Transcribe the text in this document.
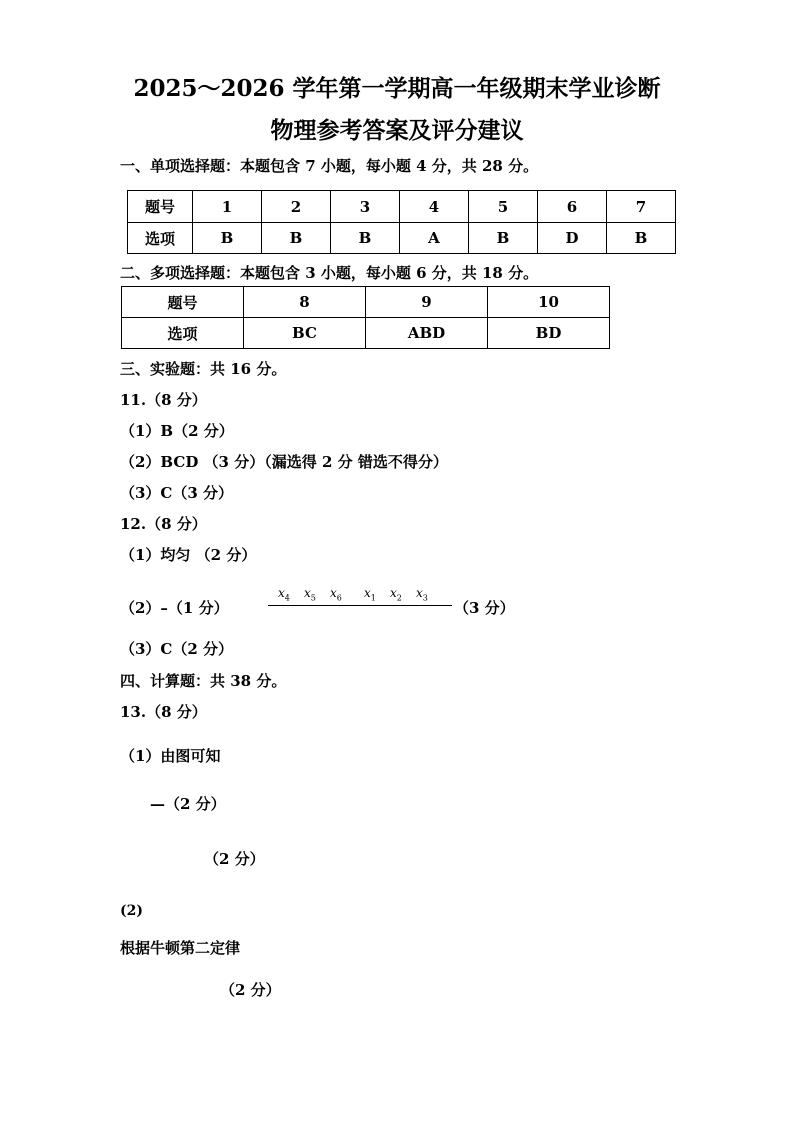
2025～2026 学年第一学期高一年级期末学业诊断
物理参考答案及评分建议
一、单项选择题：本题包含 7 小题，每小题 4 分，共 28 分。
题号	1	2	3	4	5	6	7
选项	B	B	B	A	B	D	B
二、多项选择题：本题包含 3 小题，每小题 6 分，共 18 分。
题号	8	9	10
选项	BC	ABD	BD
三、实验题：共 16 分。
11.（8 分）
（1）B（2 分）
（2）BCD （3 分）（漏选得 2 分 错选不得分）
（3）C（3 分）
12.（8 分）
（1）均匀 （2 分）
（2）–（1 分）
$x_4$ $x_5$ $x_6$ $x_1$ $x_2$ $x_3$
（3 分）
（3）C（2 分）
四、计算题：共 38 分。
13.（8 分）
（1）由图可知
—（2 分）
（2 分）
(2)
根据牛顿第二定律
（2 分）
